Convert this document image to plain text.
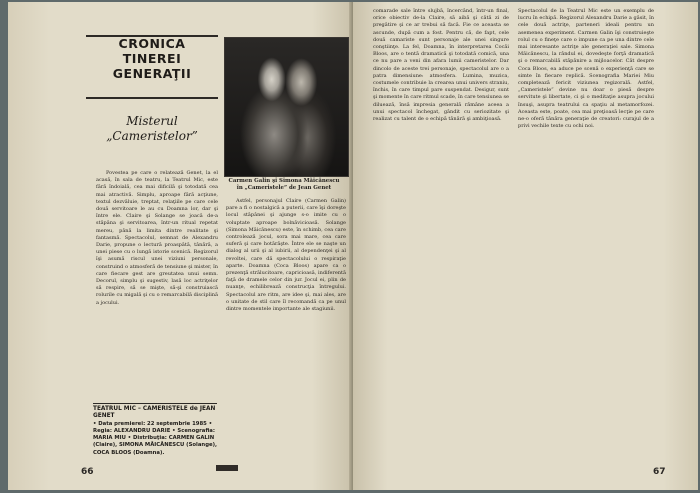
CRONICA TINEREI GENERAŢII
Misterul „Cameristelor”
Carmen Galin şi Simona Măicănescu în „Cameristele” de Jean Genet
Povestea pe care o relatează Genet, la el acasă, în sala de teatru, la Teatrul Mic, este fără îndoială, cea mai dificilă şi totodată cea mai atractivă. Simplu, aproape fără acţiune, textul dezvăluie, treptat, relaţiile pe care cele două servitoare le au cu Doamna lor, dar şi între ele. Claire şi Solange se joacă de-a stăpâna şi servitoarea, într-un ritual repetat mereu, până la limita dintre realitate şi fantasmă. Spectacolul, semnat de Alexandru Darie, propune o lectură proaspătă, tânără, a unei piese cu o lungă istorie scenică. Regizorul îşi asumă riscul unei viziuni personale, construind o atmosferă de tensiune şi mister, în care fiecare gest are greutatea unui semn. Decorul, simplu şi sugestiv, lasă loc actriţelor să respire, să se mişte, să-şi construiască rolurile cu migală şi cu o remarcabilă disciplină a jocului.
Astfel, personajul Claire (Carmen Galin) pare a fi o nostalgică a puterii, care îşi doreşte locul stăpânei şi ajunge s-o imite cu o voluptate aproape bolnăvicioasă. Solange (Simona Măicănescu) este, în schimb, cea care controlează jocul, sora mai mare, cea care suferă şi care hotărăşte. Între ele se naşte un dialog al urii şi al iubirii, al dependenţei şi al revoltei, care dă spectacolului o respiraţie aparte. Doamna (Coca Bloos) apare ca o prezenţă strălucitoare, capricioasă, indiferentă faţă de dramele celor din jur. Jocul ei, plin de nuanţe, echilibrează construcţia întregului. Spectacolul are ritm, are idee şi, mai ales, are o unitate de stil care îl recomandă ca pe unul dintre momentele importante ale stagiunii.
TEATRUL MIC – CAMERISTELE de JEAN GENET
• Data premierei: 22 septembrie 1985 • Regia: ALEXANDRU DARIE • Scenografia: MARIA MIU • Distribuţia: CARMEN GALIN (Claire), SIMONA MĂICĂNESCU (Solange), COCA BLOOS (Doamna).
66
comarade sale între slujbă, încercând, într-un final, orice obiectiv de-la Claire, să aibă şi câtă zi de pregătire şi ce ar trebui să facă. Fie ce aceasta se ascunde, după cum a fost. Pentru că, de fapt, cele două camariste sunt personaje ale unei singure conştiinţe. La fel, Doamna, în interpretarea Cocăi Bloos, are o tentă dramatică şi totodată comică, una ce nu pare a veni din afara lumii cameristelor. Dar dincolo de aceste trei personaje, spectacolul are o a patra dimensiune: atmosfera. Lumina, muzica, costumele contribuie la crearea unui univers straniu, închis, în care timpul pare suspendat. Desigur, sunt şi momente în care ritmul scade, în care tensiunea se diluează, însă impresia generală rămâne aceea a unui spectacol închegat, gândit cu seriozitate şi realizat cu talent de o echipă tânără şi ambiţioasă.
Spectacolul de la Teatrul Mic este un exemplu de lucru în echipă. Regizorul Alexandru Darie a găsit, în cele două actriţe, parteneri ideali pentru un asemenea experiment. Carmen Galin îşi construieşte rolul cu o fineţe care o impune ca pe una dintre cele mai interesante actriţe ale generaţiei sale. Simona Măicănescu, la rândul ei, dovedeşte forţă dramatică şi o remarcabilă stăpânire a mijloacelor. Cât despre Coca Bloos, ea aduce pe scenă o experienţă care se simte în fiecare replică. Scenografia Mariei Miu completează fericit viziunea regizorală. Astfel, „Cameristele” devine nu doar o piesă despre servitute şi libertate, ci şi o meditaţie asupra jocului însuşi, asupra teatrului ca spaţiu al metamorfozei. Aceasta este, poate, cea mai preţioasă lecţie pe care ne-o oferă tânăra generaţie de creatori: curajul de a privi vechile texte cu ochi noi.
67
